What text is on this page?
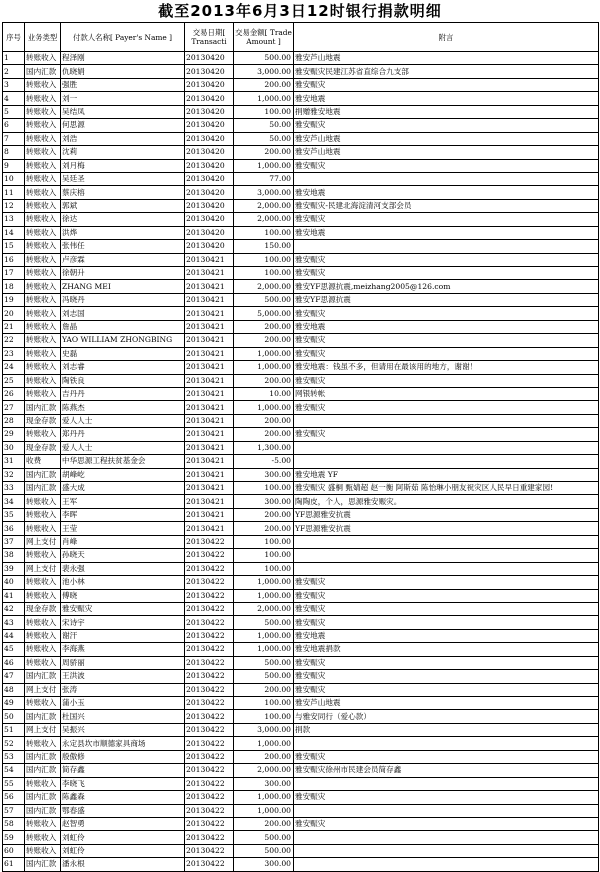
截至2013年6月3日12时银行捐款明细
序号	业务类型	付款人名称[ Payer's Name ]	交易日期[ Transacti	交易金额[ Trade Amount ]	附言
1	转账收入	程泽刚	20130420	500.00	雅安芦山地震
2	国内汇款	仇晓娟	20130420	3,000.00	雅安赈灾民建江苏省直综合九支部
3	转账收入	强胜	20130420	200.00	雅安赈灾
4	转账收入	刘一	20130420	1,000.00	雅安地震
5	转账收入	吴结凤	20130420	100.00	捐赠雅安地震
6	转账收入	何思源	20130420	50.00	雅安赈灾
7	转账收入	刘浩	20130420	50.00	雅安芦山地震
8	转账收入	沈莉	20130420	200.00	雅安芦山地震
9	转账收入	刘月梅	20130420	1,000.00	雅安赈灾
10	转账收入	吴廷圣	20130420	77.00	
11	转账收入	蔡庆榕	20130420	3,000.00	雅安地震
12	转账收入	郭斌	20130420	2,000.00	雅安赈灾-民建北海淀清河支部会员
13	转账收入	徐达	20130420	2,000.00	雅安赈灾
14	转账收入	洪烨	20130420	100.00	雅安地震
15	转账收入	张伟任	20130420	150.00	
16	转账收入	卢彦霖	20130421	100.00	雅安赈灾
17	转账收入	徐朝升	20130421	100.00	雅安赈灾
18	转账收入	ZHANG MEI	20130421	2,000.00	雅安YF思源抗震,meizhang2005@126.com
19	转账收入	冯晓丹	20130421	500.00	雅安YF思源抗震
20	转账收入	刘志国	20130421	5,000.00	雅安赈灾
21	转账收入	詹晶	20130421	200.00	雅安地震
22	转账收入	YAO WILLIAM ZHONGBING	20130421	200.00	雅安赈灾
23	转账收入	史磊	20130421	1,000.00	雅安赈灾
24	转账收入	刘志睿	20130421	1,000.00	雅安地震：钱虽不多，但请用在最该用的地方，谢谢！
25	转账收入	陶铁良	20130421	200.00	雅安赈灾
26	转账收入	吉丹丹	20130421	10.00	网银转帐
27	国内汇款	陈燕杰	20130421	1,000.00	雅安赈灾
28	现金存款	爱人人士	20130421	200.00	
29	转账收入	郑丹丹	20130421	200.00	雅安赈灾
30	现金存款	爱人人士	20130421	1,300.00	
31	收费	中华思源工程扶贫基金会	20130421	-5.00	
32	国内汇款	胡峰屹	20130421	300.00	雅安地震 YF
33	国内汇款	盛大成	20130421	100.00	雅安赈灾 盛桐 甄婧超 赵一衡 阿斯茹 陈怡琳小朋友祝灾区人民早日重建家园!
34	转账收入	王军	20130421	300.00	陶陶皮，个人，思源雅安赈灾。
35	转账收入	李晖	20130421	200.00	YF思源雅安抗震
36	转账收入	王莹	20130421	200.00	YF思源雅安抗震
37	网上支付	肖峰	20130422	100.00	
38	转账收入	孙晓天	20130422	100.00	
39	网上支付	裴永强	20130422	100.00	
40	转账收入	池小林	20130422	1,000.00	雅安赈灾
41	转账收入	傅晓	20130422	1,000.00	雅安赈灾
42	现金存款	雅安赈灾	20130422	2,000.00	雅安赈灾
43	转账收入	宋诗宇	20130422	500.00	雅安赈灾
44	转账收入	谢汗	20130422	1,000.00	雅安地震
45	转账收入	李海燕	20130422	1,000.00	雅安地震捐款
46	转账收入	周骄丽	20130422	500.00	雅安赈灾
47	国内汇款	王洪波	20130422	500.00	雅安赈灾
48	网上支付	张涛	20130422	200.00	雅安赈灾
49	转账收入	蒲小玉	20130422	100.00	雅安芦山地震
50	国内汇款	杜国兴	20130422	100.00	与雅安同行（爱心款）
51	网上支付	吴振兴	20130422	3,000.00	捐款
52	转账收入	永定县坎市顺德家具商场	20130422	1,000.00	
53	国内汇款	殷傲修	20130422	200.00	雅安赈灾
54	国内汇款	简存鑫	20130422	2,000.00	雅安赈灾徐州市民建会员简存鑫
55	转账收入	李晓飞	20130422	300.00	
56	国内汇款	陈鑫森	20130422	1,000.00	雅安赈灾
57	国内汇款	鄂春盛	20130422	1,000.00	
58	转账收入	赵智勇	20130422	200.00	雅安赈灾
59	转账收入	刘虹伶	20130422	500.00	
60	转账收入	刘虹伶	20130422	500.00	
61	国内汇款	潘永根	20130422	300.00	
